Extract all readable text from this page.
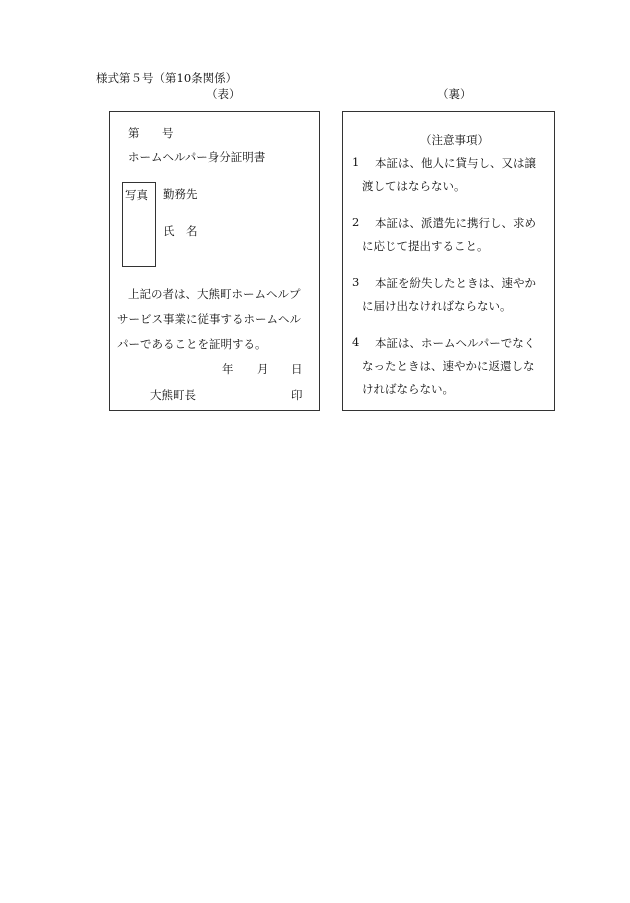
様式第５号（第10条関係）
（表）	（裏）
第 号
ホームヘルパー身分証明書
写真 勤務先
氏　名
上記の者は、大熊町ホームヘルプ
サービス事業に従事するホームヘル
パーであることを証明する。
年 月 日
大熊町長	印
（注意事項）
1 本証は、他人に貸与し、又は譲
渡してはならない。
2 本証は、派遣先に携行し、求め
に応じて提出すること。
3 本証を紛失したときは、速やか
に届け出なければならない。
4 本証は、ホームヘルパーでなく
なったときは、速やかに返還しな
ければならない。
